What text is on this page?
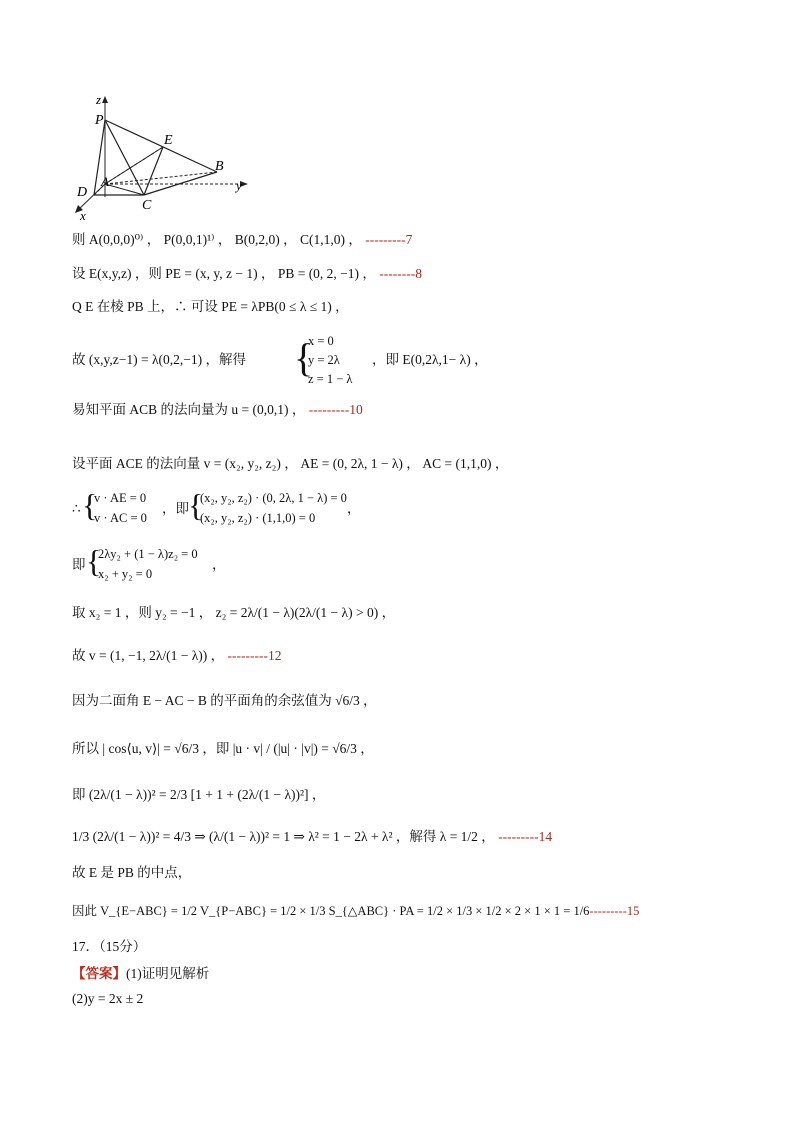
z
P
E
B
y
D
A
C
x
则 A(0,0,0)⁰⁾ ， P(0,0,1)¹⁾ ， B(0,2,0) ， C(1,1,0) ， ---------7
设 E(x,y,z) ，则 PE = (x, y, z − 1) ， PB = (0, 2, −1) ， --------8
Q E 在棱 PB 上，∴ 可设 PE = λPB(0 ≤ λ ≤ 1) ，
故 (x,y,z−1) = λ(0,2,−1) ，解得 {
x = 0
y = 2λ
z = 1 − λ
，即 E(0,2λ,1− λ) ，
易知平面 ACB 的法向量为 u = (0,0,1) ， ---------10
设平面 ACE 的法向量 v = (x₂, y₂, z₂) ， AE = (0, 2λ, 1 − λ) ， AC = (1,1,0) ，
∴ {
v · AE = 0
v · AC = 0
，即 {
(x₂, y₂, z₂) · (0, 2λ, 1 − λ) = 0
(x₂, y₂, z₂) · (1,1,0) = 0
，
即 {
2λy₂ + (1 − λ)z₂ = 0
x₂ + y₂ = 0
，
取 x₂ = 1 ，则 y₂ = −1 ， z₂ = 2λ/(1 − λ)(2λ/(1 − λ) > 0) ，
故 v = (1, −1, 2λ/(1 − λ)) ， ---------12
因为二面角 E − AC − B 的平面角的余弦值为 √6/3 ，
所以 | cos⟨u, v⟩| = √6/3 ，即 |u · v| / (|u| · |v|) = √6/3 ，
即 (2λ/(1 − λ))² = 2/3 [1 + 1 + (2λ/(1 − λ))²] ，
1/3 (2λ/(1 − λ))² = 4/3 ⇒ (λ/(1 − λ))² = 1 ⇒ λ² = 1 − 2λ + λ² ，解得 λ = 1/2 ， ---------14
故 E 是 PB 的中点，
因此 V_{E−ABC} = 1/2 V_{P−ABC} = 1/2 × 1/3 S_{△ABC} · PA = 1/2 × 1/3 × 1/2 × 2 × 1 × 1 = 1/6---------15
17．（15分）
【答案】(1)证明见解析
(2)y = 2x ± 2
